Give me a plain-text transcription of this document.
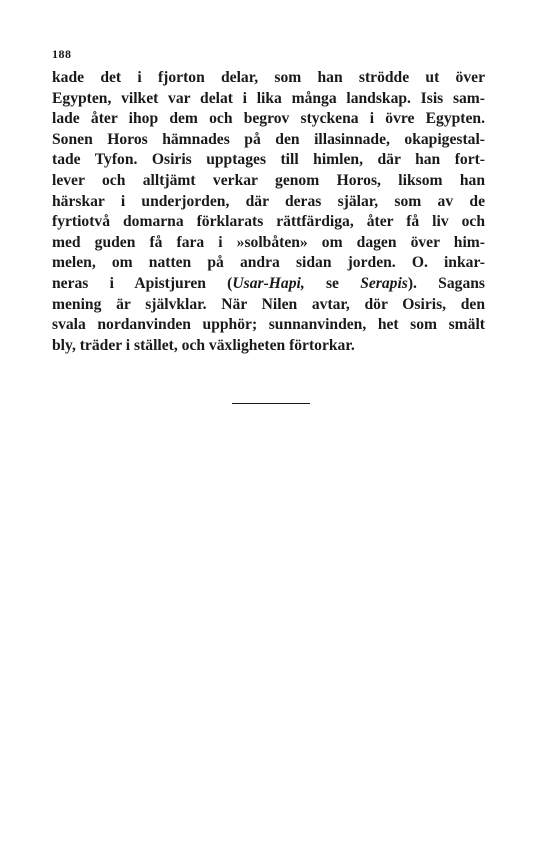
188
kade det i fjorton delar, som han strödde ut över
Egypten, vilket var delat i lika många landskap. Isis sam-
lade åter ihop dem och begrov styckena i övre Egypten.
Sonen Horos hämnades på den illasinnade, okapigestal-
tade Tyfon. Osiris upptages till himlen, där han fort-
lever och alltjämt verkar genom Horos, liksom han
härskar i underjorden, där deras själar, som av de
fyrtiotvå domarna förklarats rättfärdiga, åter få liv och
med guden få fara i »solbåten» om dagen över him-
melen, om natten på andra sidan jorden. O. inkar-
neras i Apistjuren (Usar-Hapi, se Serapis). Sagans
mening är självklar. När Nilen avtar, dör Osiris, den
svala nordanvinden upphör; sunnanvinden, het som smält
bly, träder i stället, och växligheten förtorkar.
